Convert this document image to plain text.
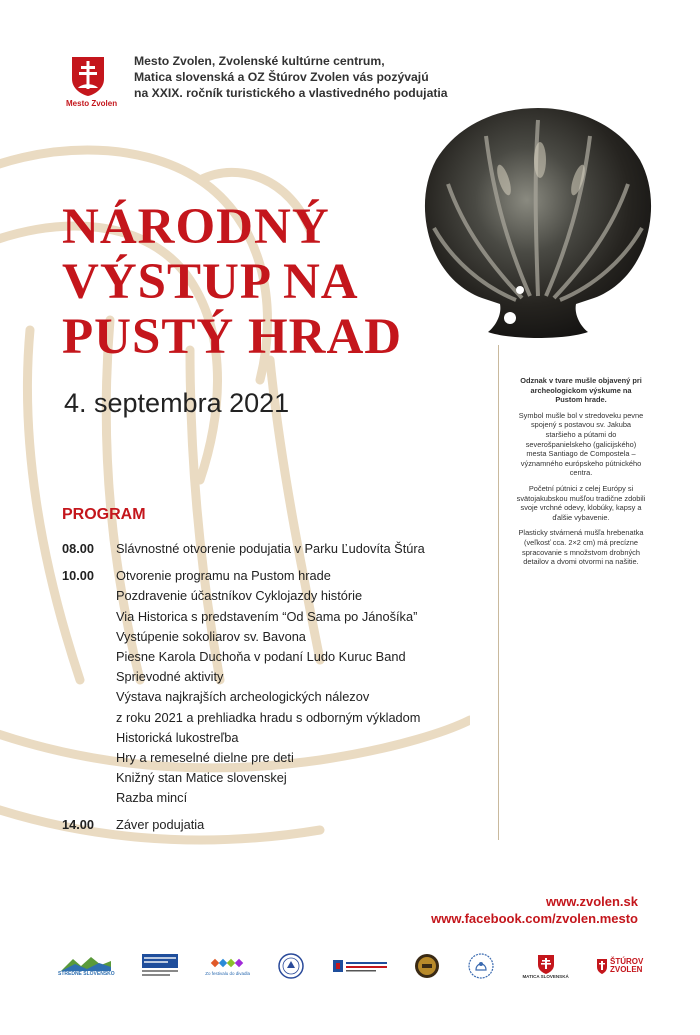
Mesto Zvolen
Mesto Zvolen, Zvolenské kultúrne centrum,
Matica slovenská a OZ Štúrov Zvolen vás pozývajú
na XXIX. ročník turistického a vlastivedného podujatia
NÁRODNÝ
VÝSTUP NA
PUSTÝ HRAD
4. septembra 2021

Odznak v tvare mušle objavený pri archeologickom výskume na Pustom hrade.

Symbol mušle bol v stredoveku pevne spojený s postavou sv. Jakuba staršieho a pútami do severošpanielskeho (galicijského) mesta Santiago de Compostela – významného európskeho pútnického centra.

Početní pútnici z celej Európy si svätojakubskou mušľou tradične zdobili svoje vrchné odevy, klobúky, kapsy a ďalšie vybavenie.

Plasticky stvárnená mušľa hrebenatka (veľkosť cca. 2×2 cm) má precízne spracovanie s množstvom drobných detailov a dvomi otvormi na našitie.

PROGRAM
08.00	Slávnostné otvorenie podujatia v Parku Ľudovíta Štúra
10.00	Otvorenie programu na Pustom hrade
Pozdravenie účastníkov Cyklojazdy histórie
Via Historica s predstavením “Od Sama po Jánošíka”
Vystúpenie sokoliarov sv. Bavona
Piesne Karola Duchoňa v podaní Ludo Kuruc Band
Sprievodné aktivity
Výstava najkrajších archeologických nálezov
z roku 2021 a prehliadka hradu s odborným výkladom
Historická lukostreľba
Hry a remeselné dielne pre deti
Knižný stan Matice slovenskej
Razba mincí
14.00	Záver podujatia
www.zvolen.sk
www.facebook.com/zvolen.mesto
STREDNÉ SLOVENSKO	Zo festivalu do divadla
MATICA SLOVENSKÁ
ŠTÚROV ZVOLEN
